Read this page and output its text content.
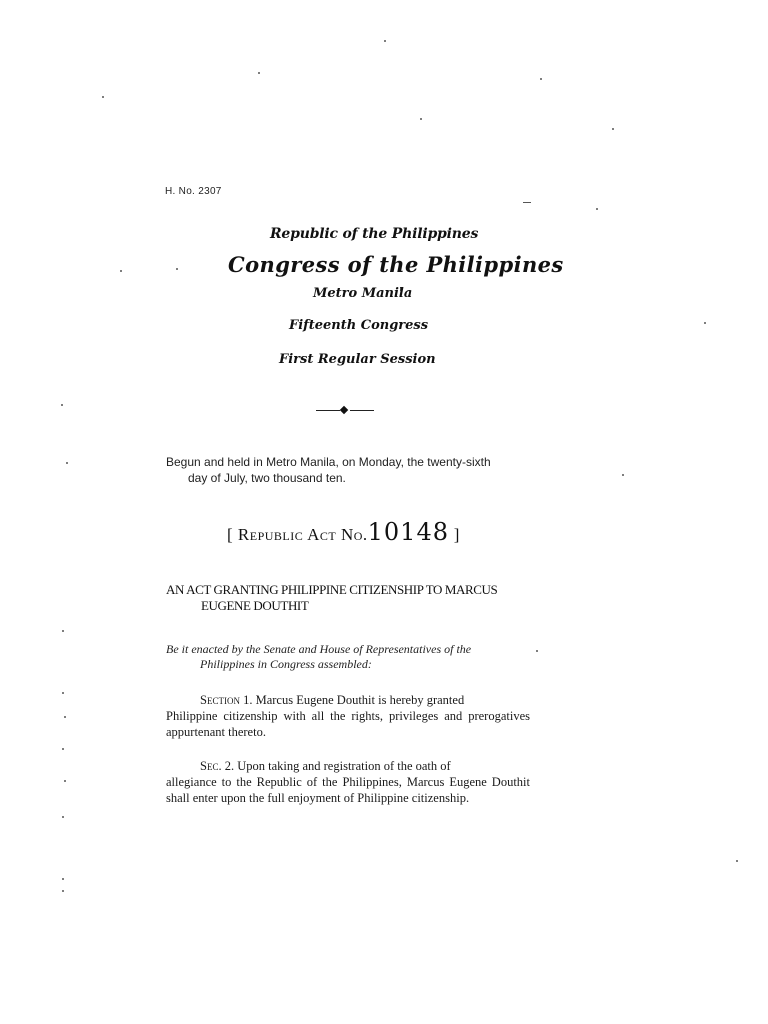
H. No. 2307
Republic of the Philippines
Congress of the Philippines
Metro Manila
Fifteenth Congress
First Regular Session
Begun and held in Metro Manila, on Monday, the twenty-sixth
day of July, two thousand ten.
[ Republic Act No.10148 ]
AN ACT GRANTING PHILIPPINE CITIZENSHIP TO MARCUS
EUGENE DOUTHIT
Be it enacted by the Senate and House of Representatives of the
Philippines in Congress assembled:
Section 1. Marcus Eugene Douthit is hereby granted
Philippine citizenship with all the rights, privileges and prerogatives appurtenant thereto.
Sec. 2. Upon taking and registration of the oath of
allegiance to the Republic of the Philippines, Marcus Eugene Douthit shall enter upon the full enjoyment of Philippine citizenship.
